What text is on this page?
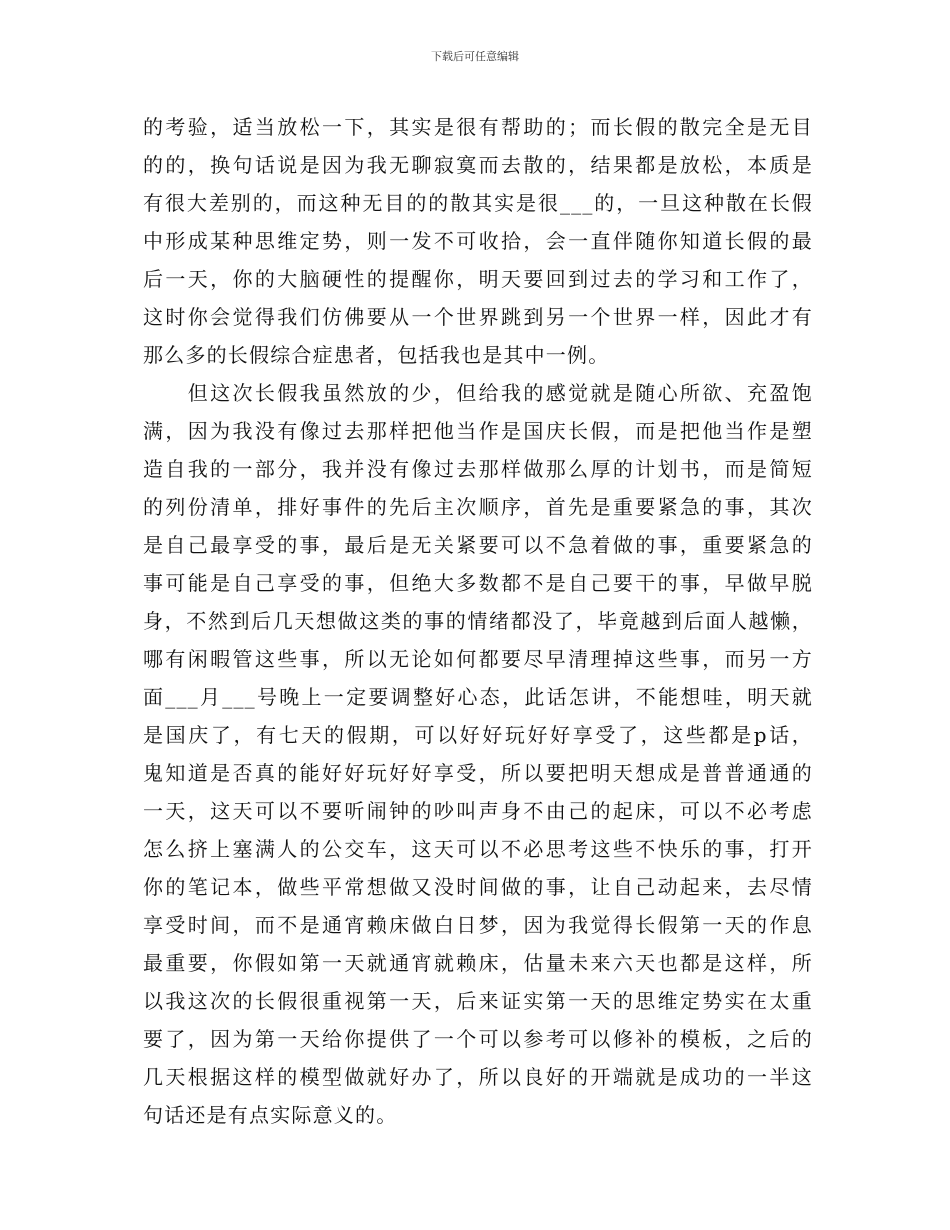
下载后可任意编辑
的考验，适当放松一下，其实是很有帮助的；而长假的散完全是无目
的的，换句话说是因为我无聊寂寞而去散的，结果都是放松，本质是
有很大差别的，而这种无目的的散其实是很___的，一旦这种散在长假
中形成某种思维定势，则一发不可收拾，会一直伴随你知道长假的最
后一天，你的大脑硬性的提醒你，明天要回到过去的学习和工作了，
这时你会觉得我们仿佛要从一个世界跳到另一个世界一样，因此才有
那么多的长假综合症患者，包括我也是其中一例。
　　但这次长假我虽然放的少，但给我的感觉就是随心所欲、充盈饱
满，因为我没有像过去那样把他当作是国庆长假，而是把他当作是塑
造自我的一部分，我并没有像过去那样做那么厚的计划书，而是简短
的列份清单，排好事件的先后主次顺序，首先是重要紧急的事，其次
是自己最享受的事，最后是无关紧要可以不急着做的事，重要紧急的
事可能是自己享受的事，但绝大多数都不是自己要干的事，早做早脱
身，不然到后几天想做这类的事的情绪都没了，毕竟越到后面人越懒，
哪有闲暇管这些事，所以无论如何都要尽早清理掉这些事，而另一方
面___月___号晚上一定要调整好心态，此话怎讲，不能想哇，明天就
是国庆了，有七天的假期，可以好好玩好好享受了，这些都是p话，
鬼知道是否真的能好好玩好好享受，所以要把明天想成是普普通通的
一天，这天可以不要听闹钟的吵叫声身不由己的起床，可以不必考虑
怎么挤上塞满人的公交车，这天可以不必思考这些不快乐的事，打开
你的笔记本，做些平常想做又没时间做的事，让自己动起来，去尽情
享受时间，而不是通宵赖床做白日梦，因为我觉得长假第一天的作息
最重要，你假如第一天就通宵就赖床，估量未来六天也都是这样，所
以我这次的长假很重视第一天，后来证实第一天的思维定势实在太重
要了，因为第一天给你提供了一个可以参考可以修补的模板，之后的
几天根据这样的模型做就好办了，所以良好的开端就是成功的一半这
句话还是有点实际意义的。
